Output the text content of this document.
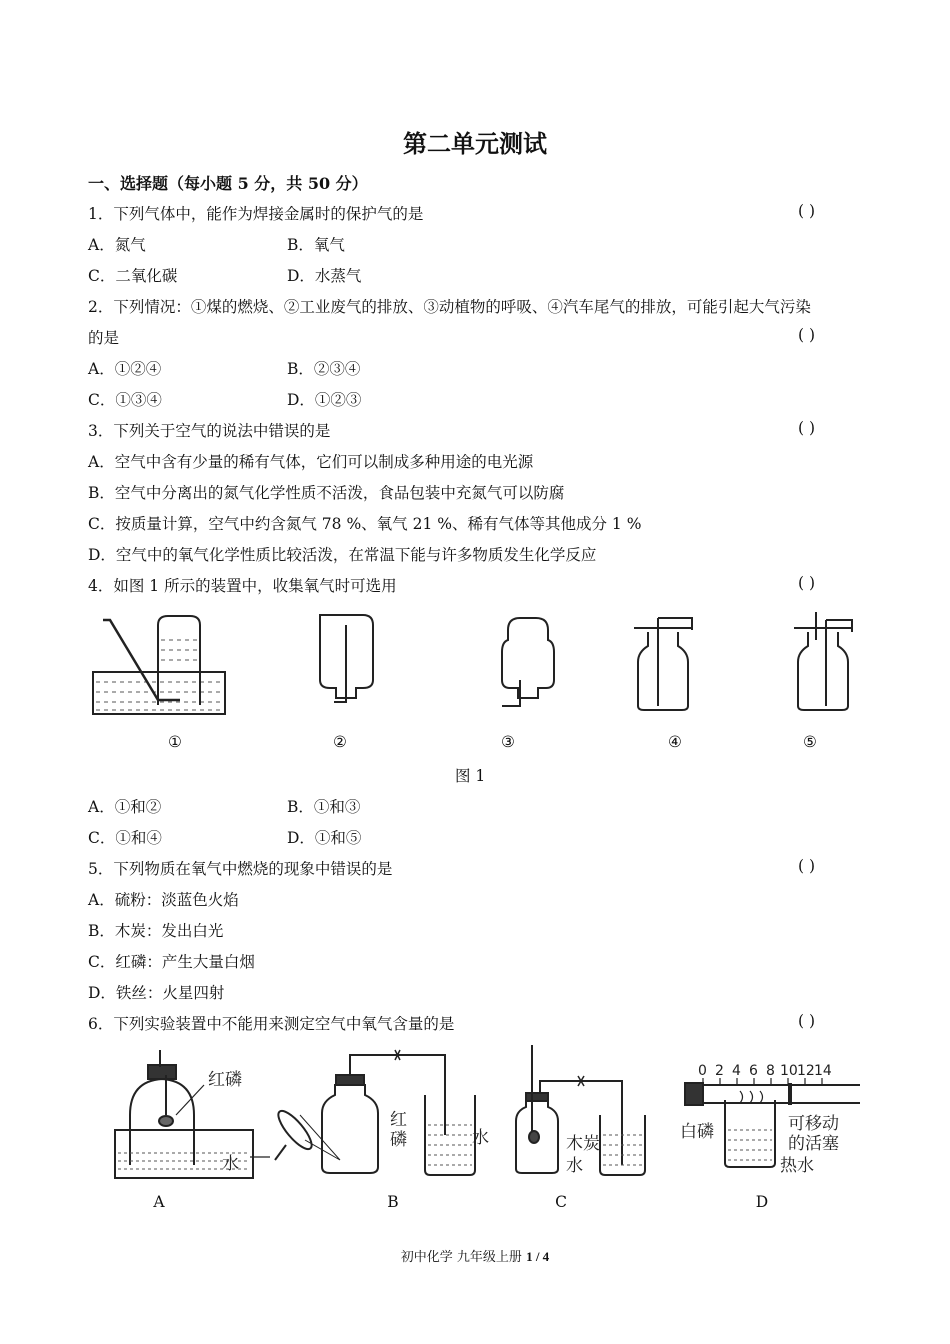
第二单元测试
一、选择题（每小题 5 分，共 50 分）
1．下列气体中，能作为焊接金属时的保护气的是	( )
A．氮气	B．氧气
C．二氧化碳	D．水蒸气
2．下列情况：①煤的燃烧、②工业废气的排放、③动植物的呼吸、④汽车尾气的排放，可能引起大气污染
的是	( )
A．①②④	B．②③④
C．①③④	D．①②③
3．下列关于空气的说法中错误的是	( )
A．空气中含有少量的稀有气体，它们可以制成多种用途的电光源
B．空气中分离出的氮气化学性质不活泼，食品包装中充氮气可以防腐
C．按质量计算，空气中约含氮气 78 %、氧气 21 %、稀有气体等其他成分 1 %
D．空气中的氧气化学性质比较活泼，在常温下能与许多物质发生化学反应
4．如图 1 所示的装置中，收集氧气时可选用	( )
①	②	③	④	⑤
图 1
A．①和②	B．①和③
C．①和④	D．①和⑤
5．下列物质在氧气中燃烧的现象中错误的是	( )
A．硫粉：淡蓝色火焰
B．木炭：发出白光
C．红磷：产生大量白烟
D．铁丝：火星四射
6．下列实验装置中不能用来测定空气中氧气含量的是	( )
红磷
水
红
磷	水	木炭
水
0 2 4 6 8 10 12 14
白磷	可移动
的活塞
热水
A	B	C	D
初中化学 九年级上册 1 / 4
